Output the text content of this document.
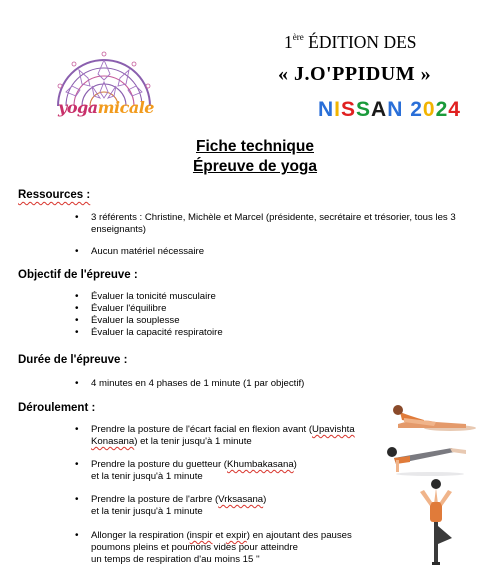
yogamicale
1ère ÉDITION DES
« J.O'PPIDUM »
NISSAN 2024
Fiche technique
Épreuve de yoga
Ressources :
• 3 référents : Christine, Michèle et Marcel (présidente, secrétaire et trésorier, tous les 3 enseignants)
• Aucun matériel nécessaire
Objectif de l'épreuve :
• Évaluer la tonicité musculaire
• Évaluer l'équilibre
• Évaluer la souplesse
• Évaluer la capacité respiratoire
Durée de l'épreuve :
• 4 minutes en 4 phases de 1 minute (1 par objectif)
Déroulement :
• Prendre la posture de l'écart facial en flexion avant (Upavishta
Konasana) et la tenir jusqu'à 1 minute
• Prendre la posture du guetteur (Khumbakasana)
et la tenir jusqu'à 1 minute
• Prendre la posture de l'arbre (Vrksasana)
et la tenir jusqu'à 1 minute
• Allonger la respiration (inspir et expir) en ajoutant des pauses
poumons pleins et poumons vides pour atteindre
un temps de respiration d'au moins 15 ''
